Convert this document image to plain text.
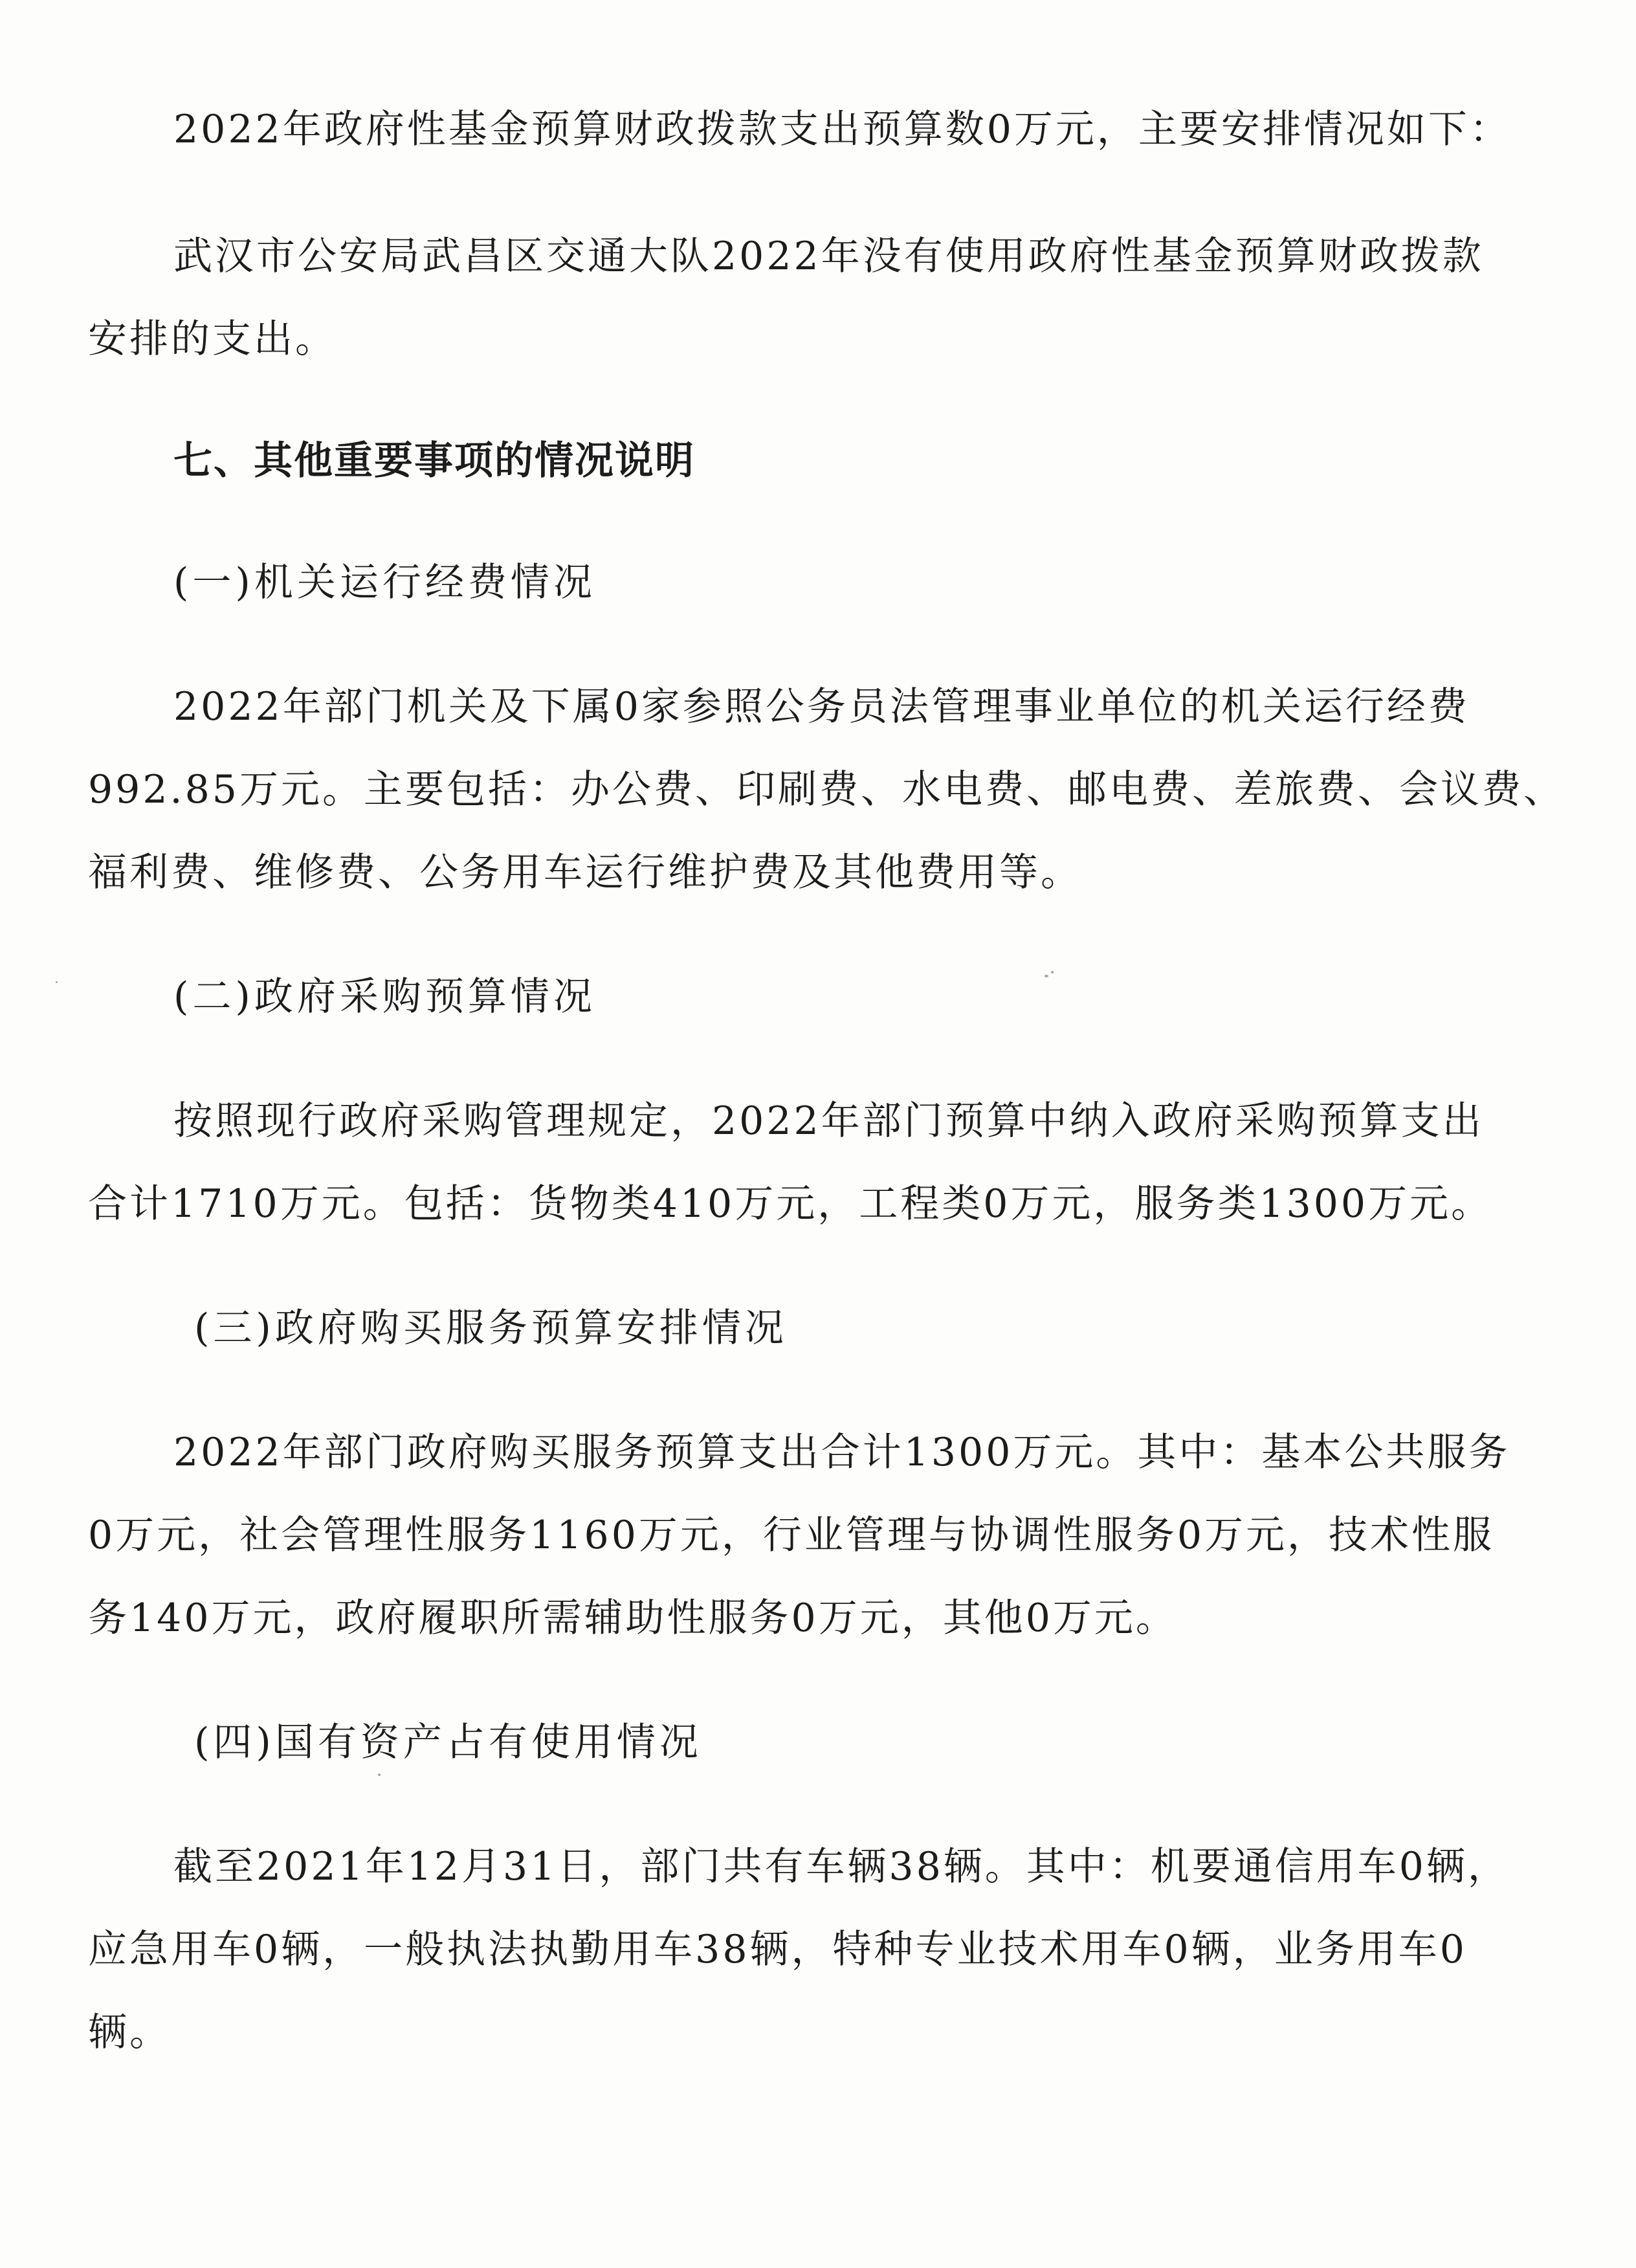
2022年政府性基金预算财政拨款支出预算数0万元，主要安排情况如下：
武汉市公安局武昌区交通大队2022年没有使用政府性基金预算财政拨款
安排的支出。
七、其他重要事项的情况说明
(一)机关运行经费情况
2022年部门机关及下属0家参照公务员法管理事业单位的机关运行经费
992.85万元。主要包括：办公费、印刷费、水电费、邮电费、差旅费、会议费、
福利费、维修费、公务用车运行维护费及其他费用等。
(二)政府采购预算情况
按照现行政府采购管理规定，2022年部门预算中纳入政府采购预算支出
合计1710万元。包括：货物类410万元，工程类0万元，服务类1300万元。
(三)政府购买服务预算安排情况
2022年部门政府购买服务预算支出合计1300万元。其中：基本公共服务
0万元，社会管理性服务1160万元，行业管理与协调性服务0万元，技术性服
务140万元，政府履职所需辅助性服务0万元，其他0万元。
(四)国有资产占有使用情况
截至2021年12月31日，部门共有车辆38辆。其中：机要通信用车0辆，
应急用车0辆，一般执法执勤用车38辆，特种专业技术用车0辆，业务用车0
辆。
